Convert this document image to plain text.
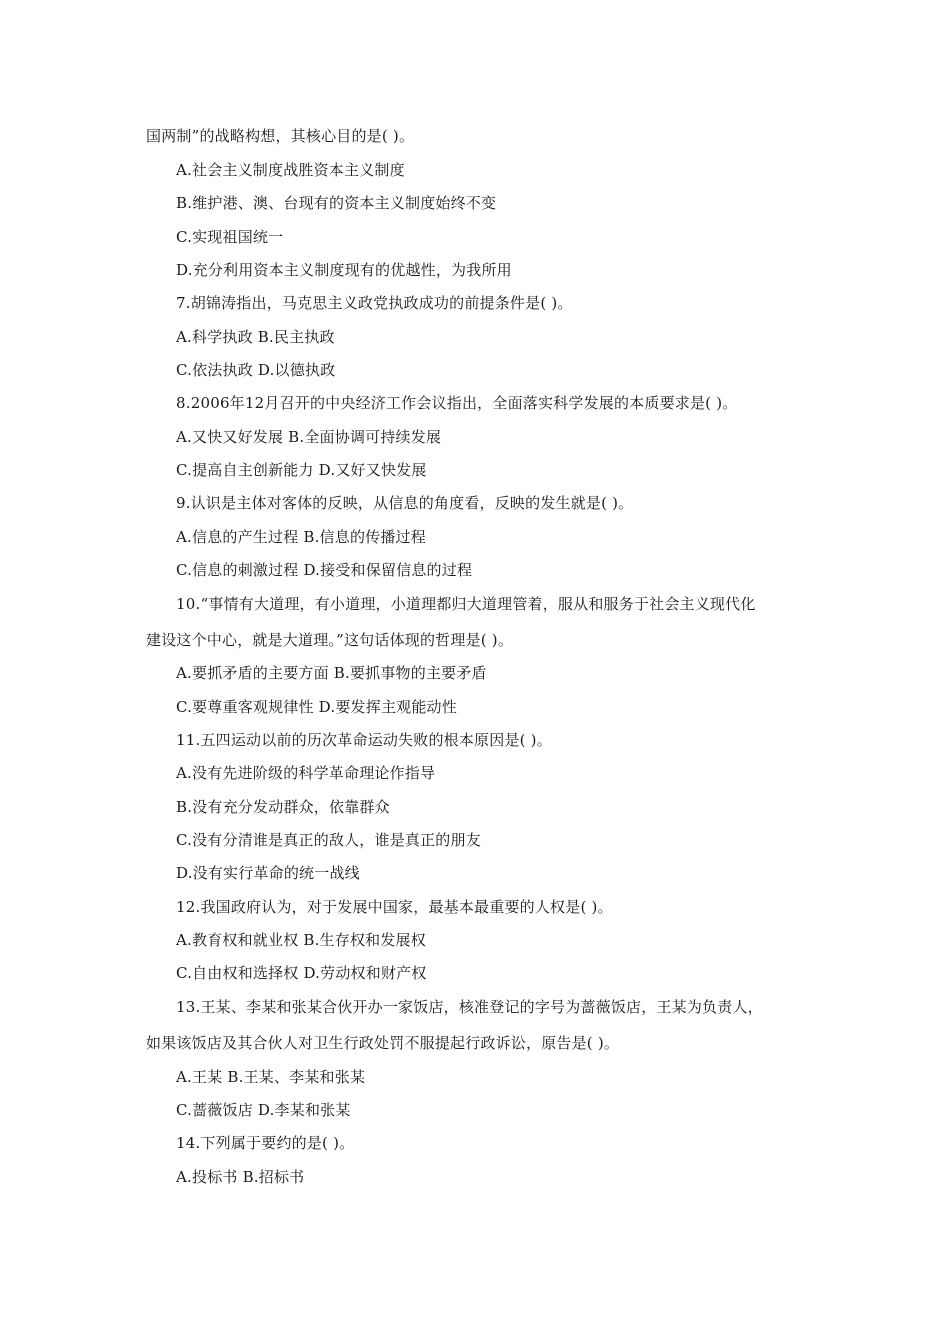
国两制”的战略构想，其核心目的是( )。
A.社会主义制度战胜资本主义制度
B.维护港、澳、台现有的资本主义制度始终不变
C.实现祖国统一
D.充分利用资本主义制度现有的优越性，为我所用
7.胡锦涛指出，马克思主义政党执政成功的前提条件是( )。
A.科学执政 B.民主执政
C.依法执政 D.以德执政
8.2006年12月召开的中央经济工作会议指出，全面落实科学发展的本质要求是( )。
A.又快又好发展 B.全面协调可持续发展
C.提高自主创新能力 D.又好又快发展
9.认识是主体对客体的反映，从信息的角度看，反映的发生就是( )。
A.信息的产生过程 B.信息的传播过程
C.信息的刺激过程 D.接受和保留信息的过程
10.“事情有大道理，有小道理，小道理都归大道理管着，服从和服务于社会主义现代化
建设这个中心，就是大道理。”这句话体现的哲理是( )。
A.要抓矛盾的主要方面 B.要抓事物的主要矛盾
C.要尊重客观规律性 D.要发挥主观能动性
11.五四运动以前的历次革命运动失败的根本原因是( )。
A.没有先进阶级的科学革命理论作指导
B.没有充分发动群众，依靠群众
C.没有分清谁是真正的敌人，谁是真正的朋友
D.没有实行革命的统一战线
12.我国政府认为，对于发展中国家，最基本最重要的人权是( )。
A.教育权和就业权 B.生存权和发展权
C.自由权和选择权 D.劳动权和财产权
13.王某、李某和张某合伙开办一家饭店，核准登记的字号为蔷薇饭店，王某为负责人，
如果该饭店及其合伙人对卫生行政处罚不服提起行政诉讼，原告是( )。
A.王某 B.王某、李某和张某
C.蔷薇饭店 D.李某和张某
14.下列属于要约的是( )。
A.投标书 B.招标书
